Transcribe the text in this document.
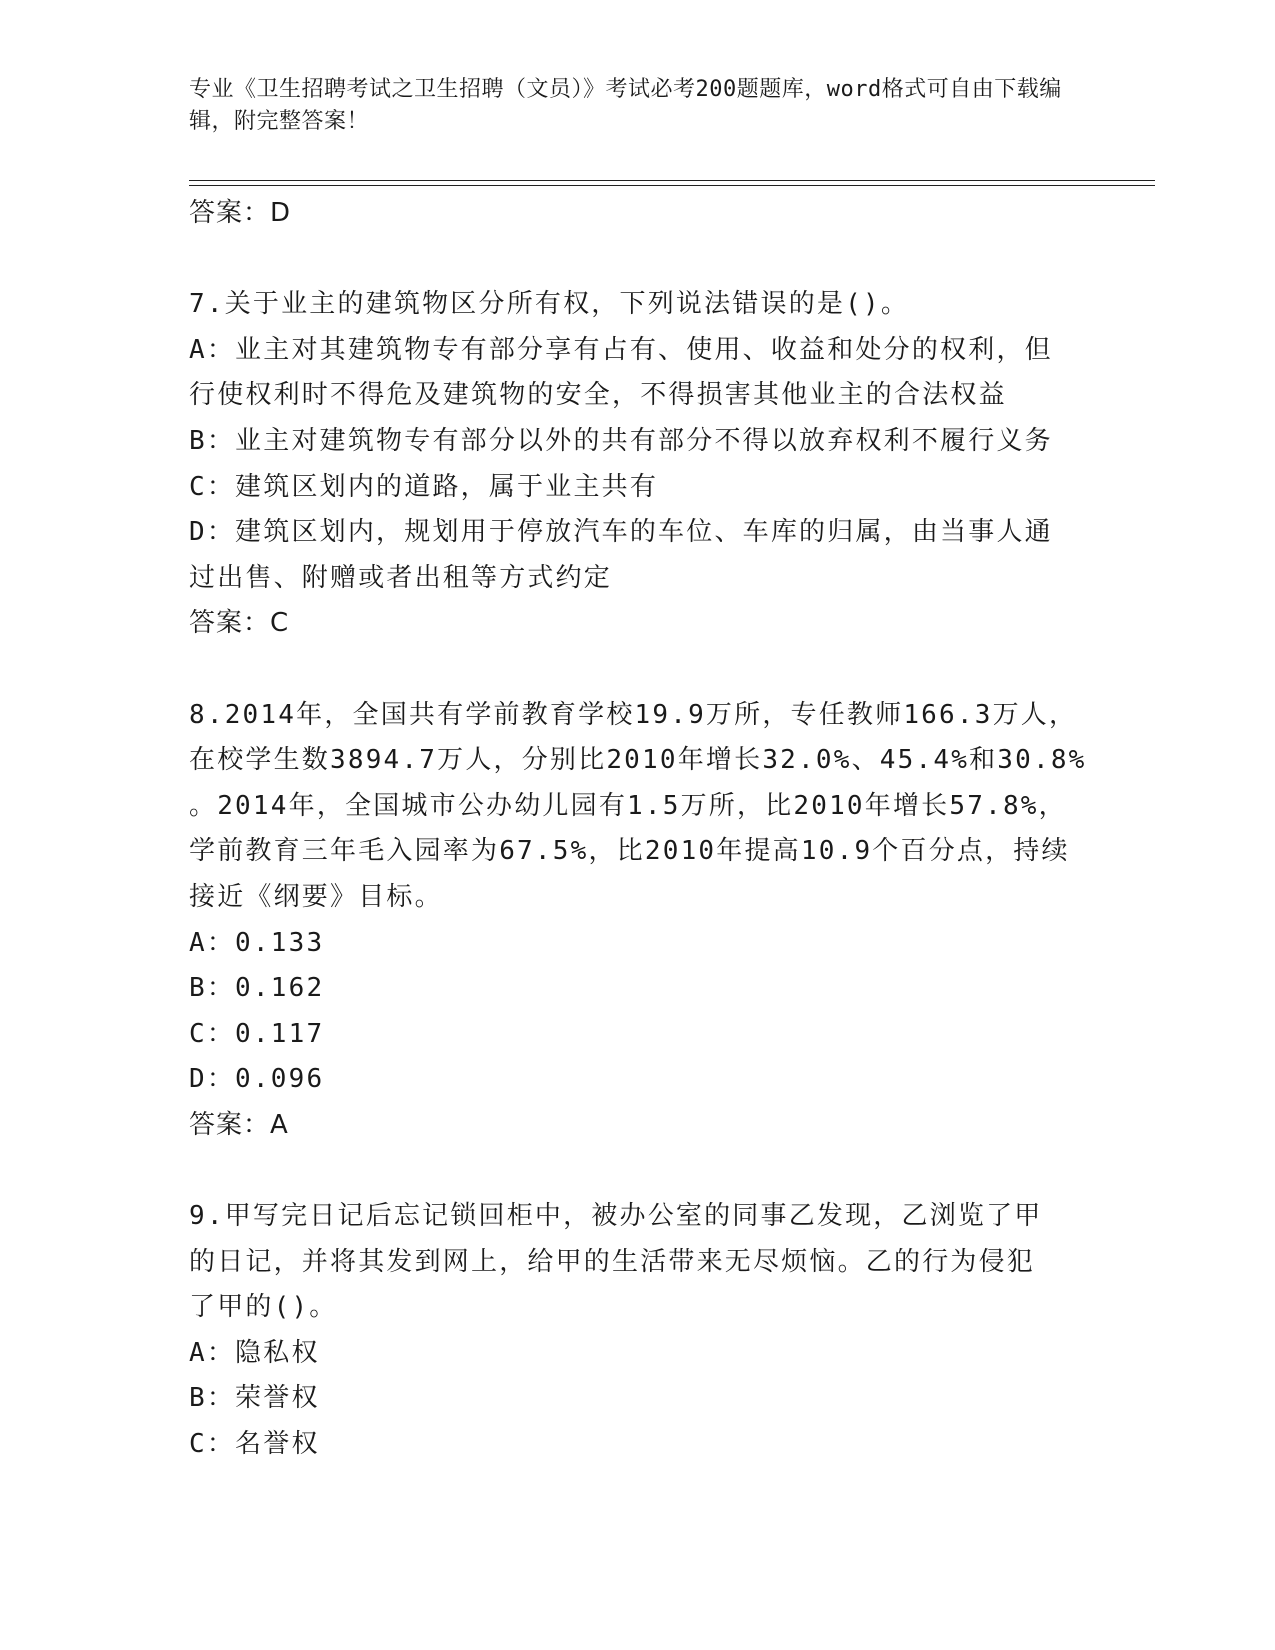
专业《卫生招聘考试之卫生招聘（文员）》考试必考200题题库，word格式可自由下载编辑，附完整答案！
答案：D
7.关于业主的建筑物区分所有权，下列说法错误的是()。
A：业主对其建筑物专有部分享有占有、使用、收益和处分的权利，但
行使权利时不得危及建筑物的安全，不得损害其他业主的合法权益
B：业主对建筑物专有部分以外的共有部分不得以放弃权利不履行义务
C：建筑区划内的道路，属于业主共有
D：建筑区划内，规划用于停放汽车的车位、车库的归属，由当事人通
过出售、附赠或者出租等方式约定
答案：C
8.2014年，全国共有学前教育学校19.9万所，专任教师166.3万人，
在校学生数3894.7万人，分别比2010年增长32.0%、45.4%和30.8%
。2014年，全国城市公办幼儿园有1.5万所，比2010年增长57.8%，
学前教育三年毛入园率为67.5%，比2010年提高10.9个百分点，持续
接近《纲要》目标。
A：0.133
B：0.162
C：0.117
D：0.096
答案：A
9.甲写完日记后忘记锁回柜中，被办公室的同事乙发现，乙浏览了甲
的日记，并将其发到网上，给甲的生活带来无尽烦恼。乙的行为侵犯
了甲的()。
A：隐私权
B：荣誉权
C：名誉权
